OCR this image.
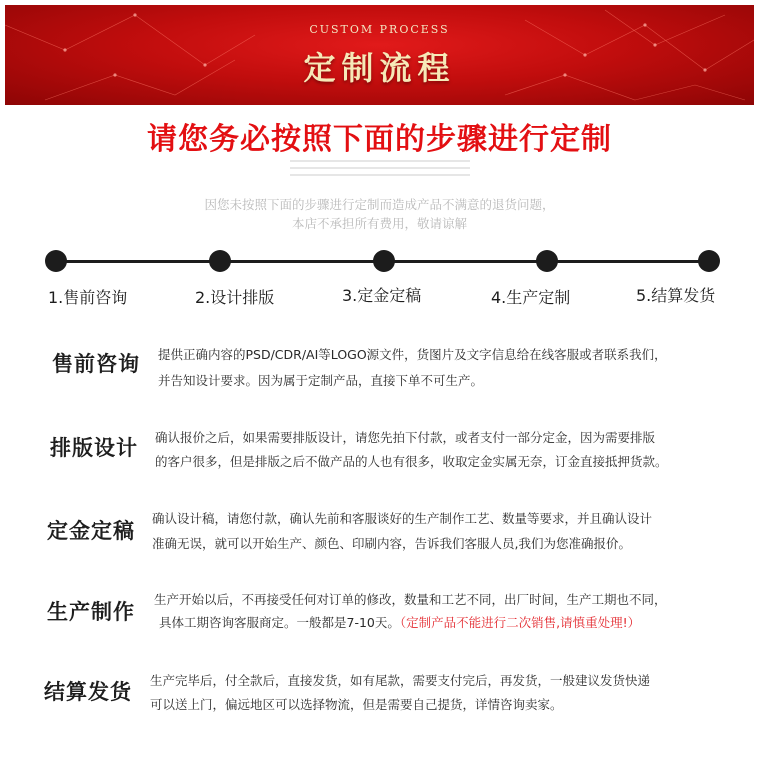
CUSTOM PROCESS
定制流程
请您务必按照下面的步骤进行定制
因您未按照下面的步骤进行定制而造成产品不满意的退货问题，
本店不承担所有费用，敬请谅解
1.售前咨询	2.设计排版	3.定金定稿	4.生产定制	5.结算发货
售前咨询 提供正确内容的PSD/CDR/AI等LOGO源文件，货图片及文字信息给在线客服或者联系我们，
并告知设计要求。因为属于定制产品，直接下单不可生产。
排版设计 确认报价之后，如果需要排版设计，请您先拍下付款，或者支付一部分定金，因为需要排版
的客户很多，但是排版之后不做产品的人也有很多，收取定金实属无奈，订金直接抵押货款。
定金定稿
确认设计稿，请您付款，确认先前和客服谈好的生产制作工艺、数量等要求，并且确认设计
准确无误，就可以开始生产、颜色、印刷内容，告诉我们客服人员,我们为您准确报价。
生产制作
生产开始以后，不再接受任何对订单的修改，数量和工艺不同，出厂时间，生产工期也不同，
具体工期咨询客服商定。一般都是7-10天。（定制产品不能进行二次销售,请慎重处理!）
结算发货 生产完毕后，付全款后，直接发货，如有尾款，需要支付完后，再发货，一般建议发货快递
可以送上门，偏远地区可以选择物流，但是需要自己提货，详情咨询卖家。
